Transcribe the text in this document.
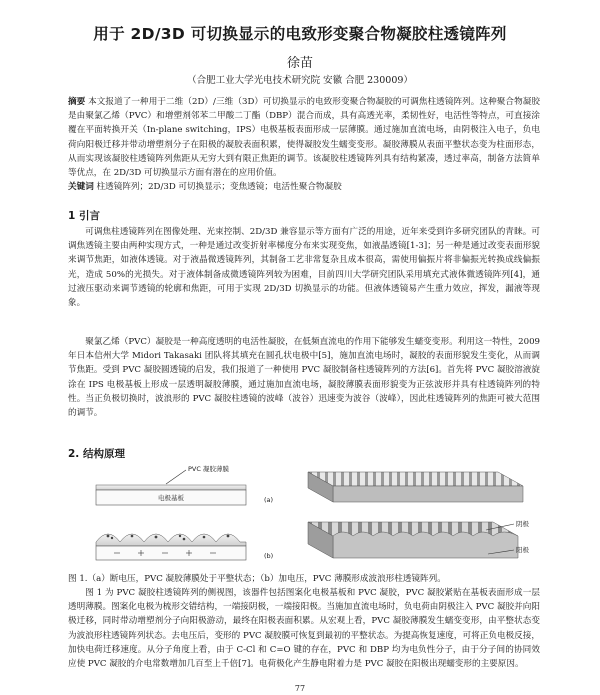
用于 2D/3D 可切换显示的电致形变聚合物凝胶柱透镜阵列
徐苗
（合肥工业大学光电技术研究院 安徽 合肥 230009）
摘要 本文报道了一种用于二维（2D）/三维（3D）可切换显示的电致形变聚合物凝胶的可调焦柱透镜阵列。这种聚合物凝胶是由聚氯乙烯（PVC）和增塑剂邻苯二甲酸二丁酯（DBP）混合而成，具有高透光率，柔韧性好，电活性等特点，可直接涂覆在平面转换开关（In-plane switching，IPS）电极基板表面形成一层薄膜。通过施加直流电场，由阴极注入电子，负电荷向阳极迁移并带动增塑剂分子在阳极的凝胶表面积累，使得凝胶发生蠕变变形。凝胶薄膜从表面平整状态变为柱面形态，从而实现该凝胶柱透镜阵列焦距从无穷大到有限正焦距的调节。该凝胶柱透镜阵列具有结构紧凑，透过率高，制备方法简单等优点，在 2D/3D 可切换显示方面有潜在的应用价值。
关键词 柱透镜阵列；2D/3D 可切换显示；变焦透镜；电活性聚合物凝胶
1 引言
可调焦柱透镜阵列在图像处理、光束控制、2D/3D 兼容显示等方面有广泛的用途，近年来受到许多研究团队的青睐。可调焦透镜主要由两种实现方式，一种是通过改变折射率梯度分布来实现变焦，如液晶透镜[1-3]；另一种是通过改变表面形貌来调节焦距，如液体透镜。对于液晶微透镜阵列，其制备工艺非常复杂且成本很高，需使用偏振片将非偏振光转换成线偏振光，造成 50%的光损失。对于液体制备成微透镜阵列较为困难，目前四川大学研究团队采用填充式液体微透镜阵列[4]，通过液压驱动来调节透镜的轮廓和焦距，可用于实现 2D/3D 切换显示的功能。但液体透镜易产生重力效应，挥发，漏液等现象。
聚氯乙烯（PVC）凝胶是一种高度透明的电活性凝胶，在低频直流电的作用下能够发生蠕变变形。利用这一特性，2009 年日本信州大学 Midori Takasaki 团队将其填充在圆孔状电极中[5]，施加直流电场时，凝胶的表面形貌发生变化，从而调节焦距。受到 PVC 凝胶圆透镜的启发，我们报道了一种使用 PVC 凝胶制备柱透镜阵列的方法[6]。首先将 PVC 凝胶溶液旋涂在 IPS 电极基板上形成一层透明凝胶薄膜，通过施加直流电场，凝胶薄膜表面形貌变为正弦波形并具有柱透镜阵列的特性。当正负极切换时，波浪形的 PVC 凝胶柱透镜的波峰（波谷）迅速变为波谷（波峰），因此柱透镜阵列的焦距可被大范围的调节。
2. 结构原理
PVC 凝胶薄膜
电极基板	(a)
(b)
阴极
阳极
图 1.（a）断电压，PVC 凝胶薄膜处于平整状态；（b）加电压，PVC 薄膜形成波浪形柱透镜阵列。
图 1 为 PVC 凝胶柱透镜阵列的侧视图，该器件包括图案化电极基板和 PVC 凝胶，PVC 凝胶紧贴在基板表面形成一层透明薄膜。图案化电极为梳形交错结构，一端接阴极，一端接阳极。当施加直流电场时，负电荷由阴极注入 PVC 凝胶并向阳极迁移，同时带动增塑剂分子向阳极游动，最终在阳极表面积累。从宏观上看，PVC 凝胶薄膜发生蠕变变形，由平整状态变为波浪形柱透镜阵列状态。去电压后，变形的 PVC 凝胶膜可恢复到最初的平整状态。为提高恢复速度，可将正负电极反接，加快电荷迁移速度。从分子角度上看，由于 C-Cl 和 C=O 键的存在，PVC 和 DBP 均为电负性分子，由于分子间的协同效应使 PVC 凝胶的介电常数增加几百至上千倍[7]。电荷极化产生静电附着力是 PVC 凝胶在阳极出现蠕变形的主要原因。
77
